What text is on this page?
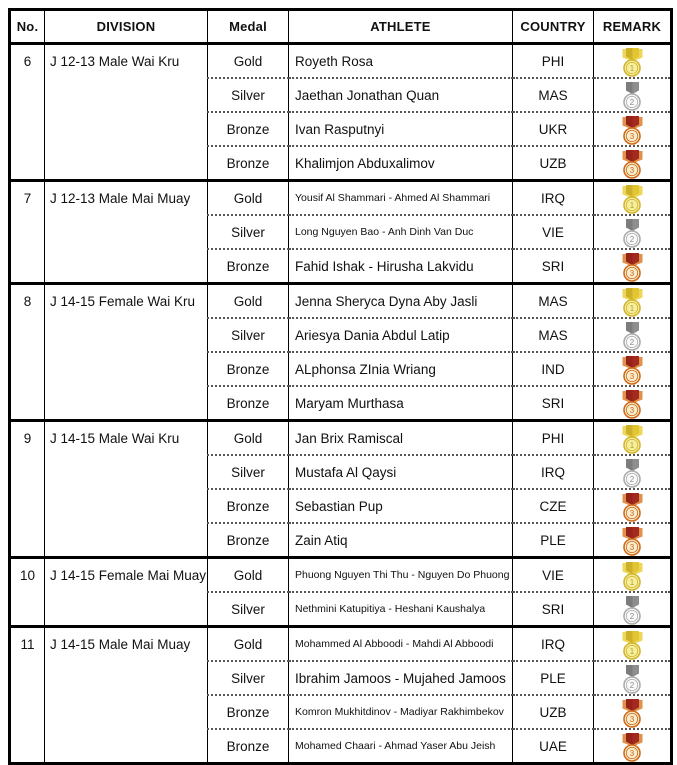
No.	DIVISION	Medal	ATHLETE	COUNTRY	REMARK
6	J 12-13 Male Wai Kru	Gold	Royeth Rosa	PHI	1

		Silver	Jaethan Jonathan Quan	MAS	2

		Bronze	Ivan Rasputnyi	UKR	3

		Bronze	Khalimjon Abduxalimov	UZB	3

7	J 12-13 Male Mai Muay	Gold	Yousif Al Shammari - Ahmed Al Shammari	IRQ	1

		Silver	Long Nguyen Bao - Anh Dinh Van Duc	VIE	2

		Bronze	Fahid Ishak - Hirusha Lakvidu	SRI	3

8	J 14-15 Female Wai Kru	Gold	Jenna Sheryca Dyna Aby Jasli	MAS	1

		Silver	Ariesya Dania Abdul Latip	MAS	2

		Bronze	ALphonsa ZInia Wriang	IND	3

		Bronze	Maryam Murthasa	SRI	3

9	J 14-15 Male Wai Kru	Gold	Jan Brix Ramiscal	PHI	1

		Silver	Mustafa Al Qaysi	IRQ	2

		Bronze	Sebastian Pup	CZE	3

		Bronze	Zain Atiq	PLE	3

10	J 14-15 Female Mai Muay	Gold	Phuong Nguyen Thi Thu - Nguyen Do Phuong	VIE	1

		Silver	Nethmini Katupitiya - Heshani Kaushalya	SRI	2

11	J 14-15 Male Mai Muay	Gold	Mohammed Al Abboodi - Mahdi Al Abboodi	IRQ	1

		Silver	Ibrahim Jamoos - Mujahed Jamoos	PLE	2

		Bronze	Komron Mukhitdinov - Madiyar Rakhimbekov	UZB	3

		Bronze	Mohamed Chaari - Ahmad Yaser Abu Jeish	UAE	3
